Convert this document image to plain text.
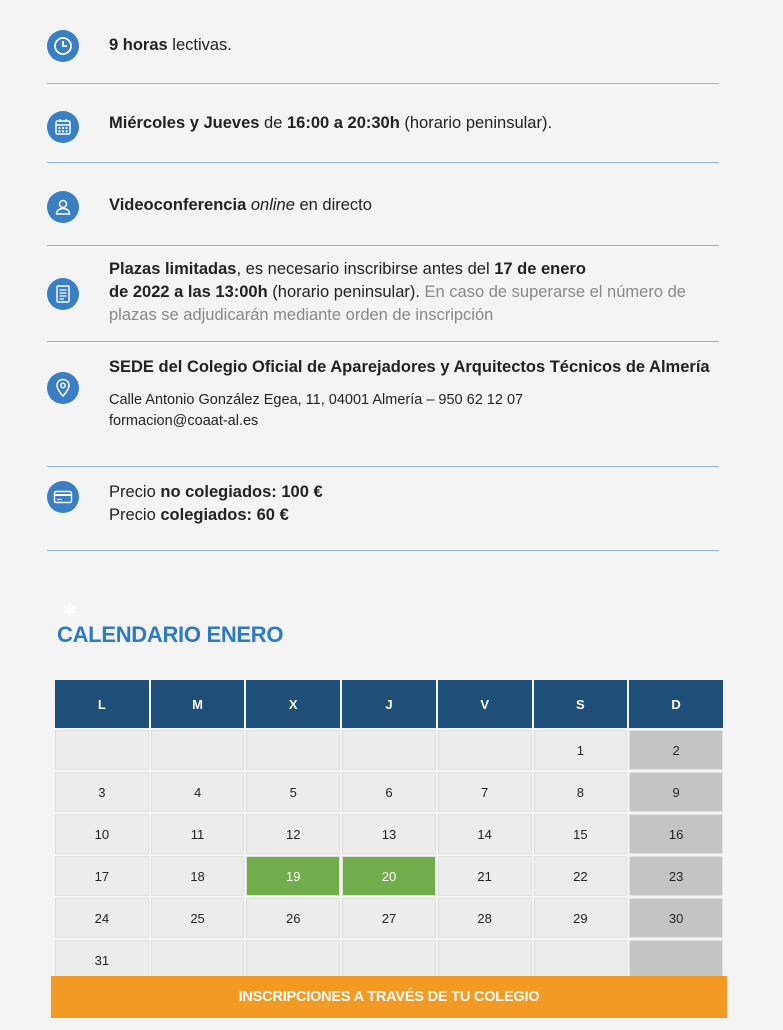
9 horas lectivas.
Miércoles y Jueves de 16:00 a 20:30h (horario peninsular).
Videoconferencia online en directo
Plazas limitadas, es necesario inscribirse antes del 17 de enero
de 2022 a las 13:00h (horario peninsular). En caso de superarse el número de plazas se adjudicarán mediante orden de inscripción
SEDE del Colegio Oficial de Aparejadores y Arquitectos Técnicos de Almería
Calle Antonio González Egea, 11, 04001 Almería – 950 62 12 07
formacion@coaat-al.es
Precio no colegiados: 100 €
Precio colegiados: 60 €
✱
CALENDARIO ENERO
L	M	X	J	V	S	D
					1	2
3	4	5	6	7	8	9
10	11	12	13	14	15	16
17	18	19	20	21	22	23
24	25	26	27	28	29	30
31						
INSCRIPCIONES A TRAVÉS DE TU COLEGIO
